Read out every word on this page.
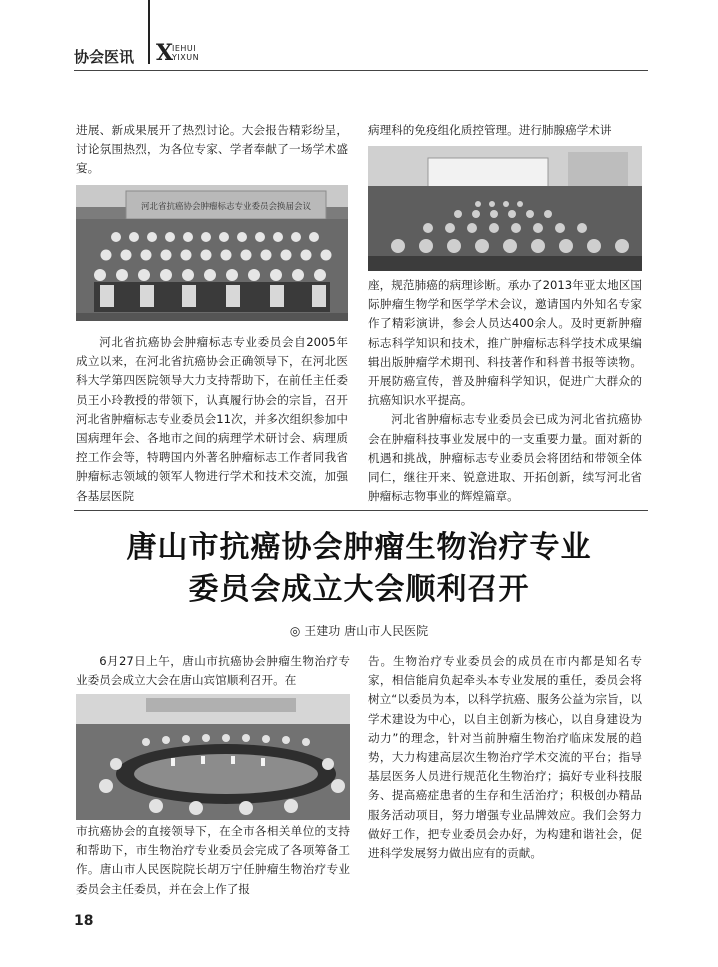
协会医讯 X
IEHUI
YIXUN

进展、新成果展开了热烈讨论。大会报告精彩纷呈，讨论氛围热烈，为各位专家、学者奉献了一场学术盛宴。

河北省抗癌协会肿瘤标志专业委员会换届会议

河北省抗癌协会肿瘤标志专业委员会自2005年成立以来，在河北省抗癌协会正确领导下，在河北医科大学第四医院领导大力支持帮助下，在前任主任委员王小玲教授的带领下，认真履行协会的宗旨，召开河北省肿瘤标志专业委员会11次，并多次组织参加中国病理年会、各地市之间的病理学术研讨会、病理质控工作会等，特聘国内外著名肿瘤标志工作者同我省肿瘤标志领域的领军人物进行学术和技术交流，加强各基层医院

病理科的免疫组化质控管理。进行肺腺癌学术讲

座，规范肺癌的病理诊断。承办了2013年亚太地区国际肿瘤生物学和医学学术会议，邀请国内外知名专家作了精彩演讲，参会人员达400余人。及时更新肿瘤标志科学知识和技术，推广肿瘤标志科学技术成果编辑出版肿瘤学术期刊、科技著作和科普书报等读物。开展防癌宣传，普及肿瘤科学知识，促进广大群众的抗癌知识水平提高。

河北省肿瘤标志专业委员会已成为河北省抗癌协会在肿瘤科技事业发展中的一支重要力量。面对新的机遇和挑战，肿瘤标志专业委员会将团结和带领全体同仁，继往开来、锐意进取、开拓创新，续写河北省肿瘤标志物事业的辉煌篇章。

唐山市抗癌协会肿瘤生物治疗专业
委员会成立大会顺利召开
◎ 王建功 唐山市人民医院

6月27日上午，唐山市抗癌协会肿瘤生物治疗专业委员会成立大会在唐山宾馆顺利召开。在

市抗癌协会的直接领导下，在全市各相关单位的支持和帮助下，市生物治疗专业委员会完成了各项筹备工作。唐山市人民医院院长胡万宁任肿瘤生物治疗专业委员会主任委员，并在会上作了报

告。生物治疗专业委员会的成员在市内都是知名专家，相信能肩负起牵头本专业发展的重任，委员会将树立“以委员为本，以科学抗癌、服务公益为宗旨，以学术建设为中心，以自主创新为核心，以自身建设为动力”的理念，针对当前肿瘤生物治疗临床发展的趋势，大力构建高层次生物治疗学术交流的平台；指导基层医务人员进行规范化生物治疗；搞好专业科技服务、提高癌症患者的生存和生活治疗；积极创办精品服务活动项目，努力增强专业品牌效应。我们会努力做好工作，把专业委员会办好，为构建和谐社会，促进科学发展努力做出应有的贡献。

18
